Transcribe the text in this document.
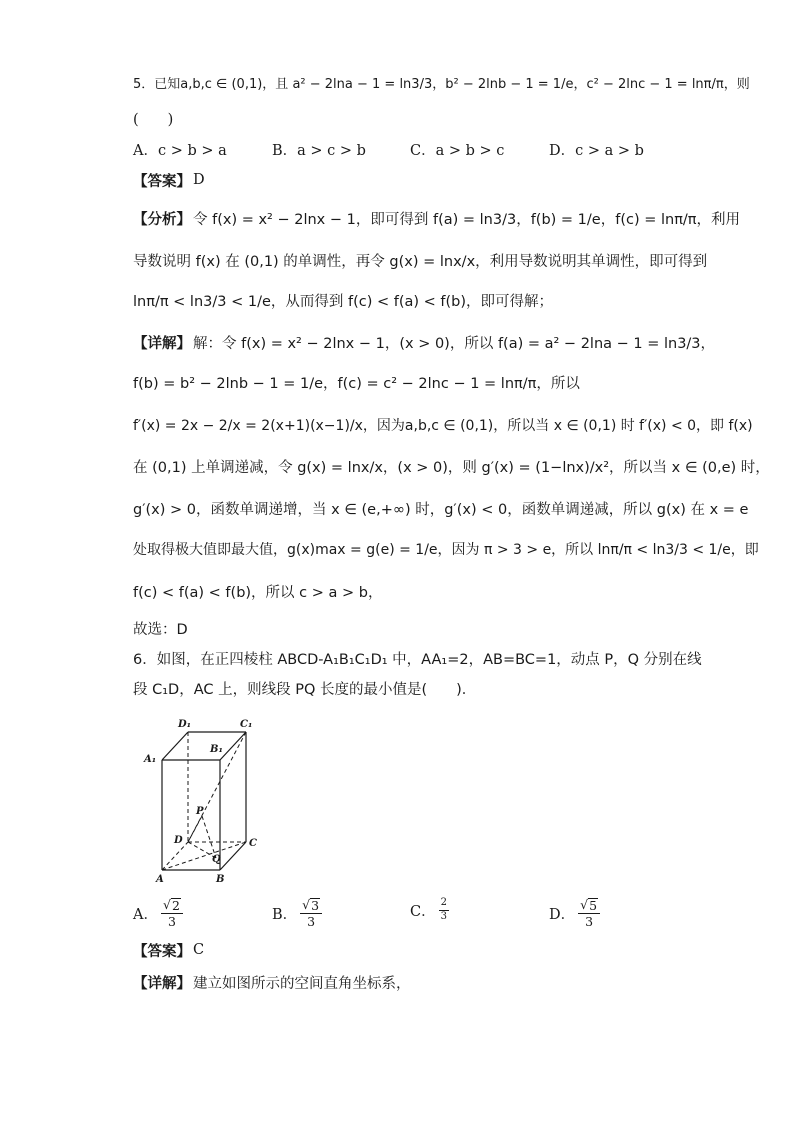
5．已知a,b,c ∈ (0,1)，且 a² − 2lna − 1 = ln3/3，b² − 2lnb − 1 = 1/e，c² − 2lnc − 1 = lnπ/π，则
(　　)
A．c > b > a	B．a > c > b	C．a > b > c	D．c > a > b
【答案】 D
【分析】 令 f(x) = x² − 2lnx − 1，即可得到 f(a) = ln3/3，f(b) = 1/e，f(c) = lnπ/π，利用
导数说明 f(x) 在 (0,1) 的单调性，再令 g(x) = lnx/x，利用导数说明其单调性，即可得到
lnπ/π < ln3/3 < 1/e，从而得到 f(c) < f(a) < f(b)，即可得解；
【详解】 解：令 f(x) = x² − 2lnx − 1，(x > 0)，所以 f(a) = a² − 2lna − 1 = ln3/3，
f(b) = b² − 2lnb − 1 = 1/e，f(c) = c² − 2lnc − 1 = lnπ/π，所以
f′(x) = 2x − 2/x = 2(x+1)(x−1)/x，因为a,b,c ∈ (0,1)，所以当 x ∈ (0,1) 时 f′(x) < 0，即 f(x)
在 (0,1) 上单调递减，令 g(x) = lnx/x，(x > 0)，则 g′(x) = (1−lnx)/x²，所以当 x ∈ (0,e) 时，
g′(x) > 0，函数单调递增，当 x ∈ (e,+∞) 时，g′(x) < 0，函数单调递减，所以 g(x) 在 x = e
处取得极大值即最大值，g(x)max = g(e) = 1/e，因为 π > 3 > e，所以 lnπ/π < ln3/3 < 1/e，即
f(c) < f(a) < f(b)，所以 c > a > b，
故选：D
6．如图，在正四棱柱 ABCD-A₁B₁C₁D₁ 中，AA₁=2，AB=BC=1，动点 P，Q 分别在线
段 C₁D，AC 上，则线段 PQ 长度的最小值是(　　)．
D₁	C₁
A₁
B₁
P
D	C
Q
A	B
A． $\frac{√ 2}{3}$	B． $\frac{√ 3}{3}$	C． $\frac{2}{3}$	D． $\frac{√ 5}{3}$
【答案】 C
【详解】 建立如图所示的空间直角坐标系，
